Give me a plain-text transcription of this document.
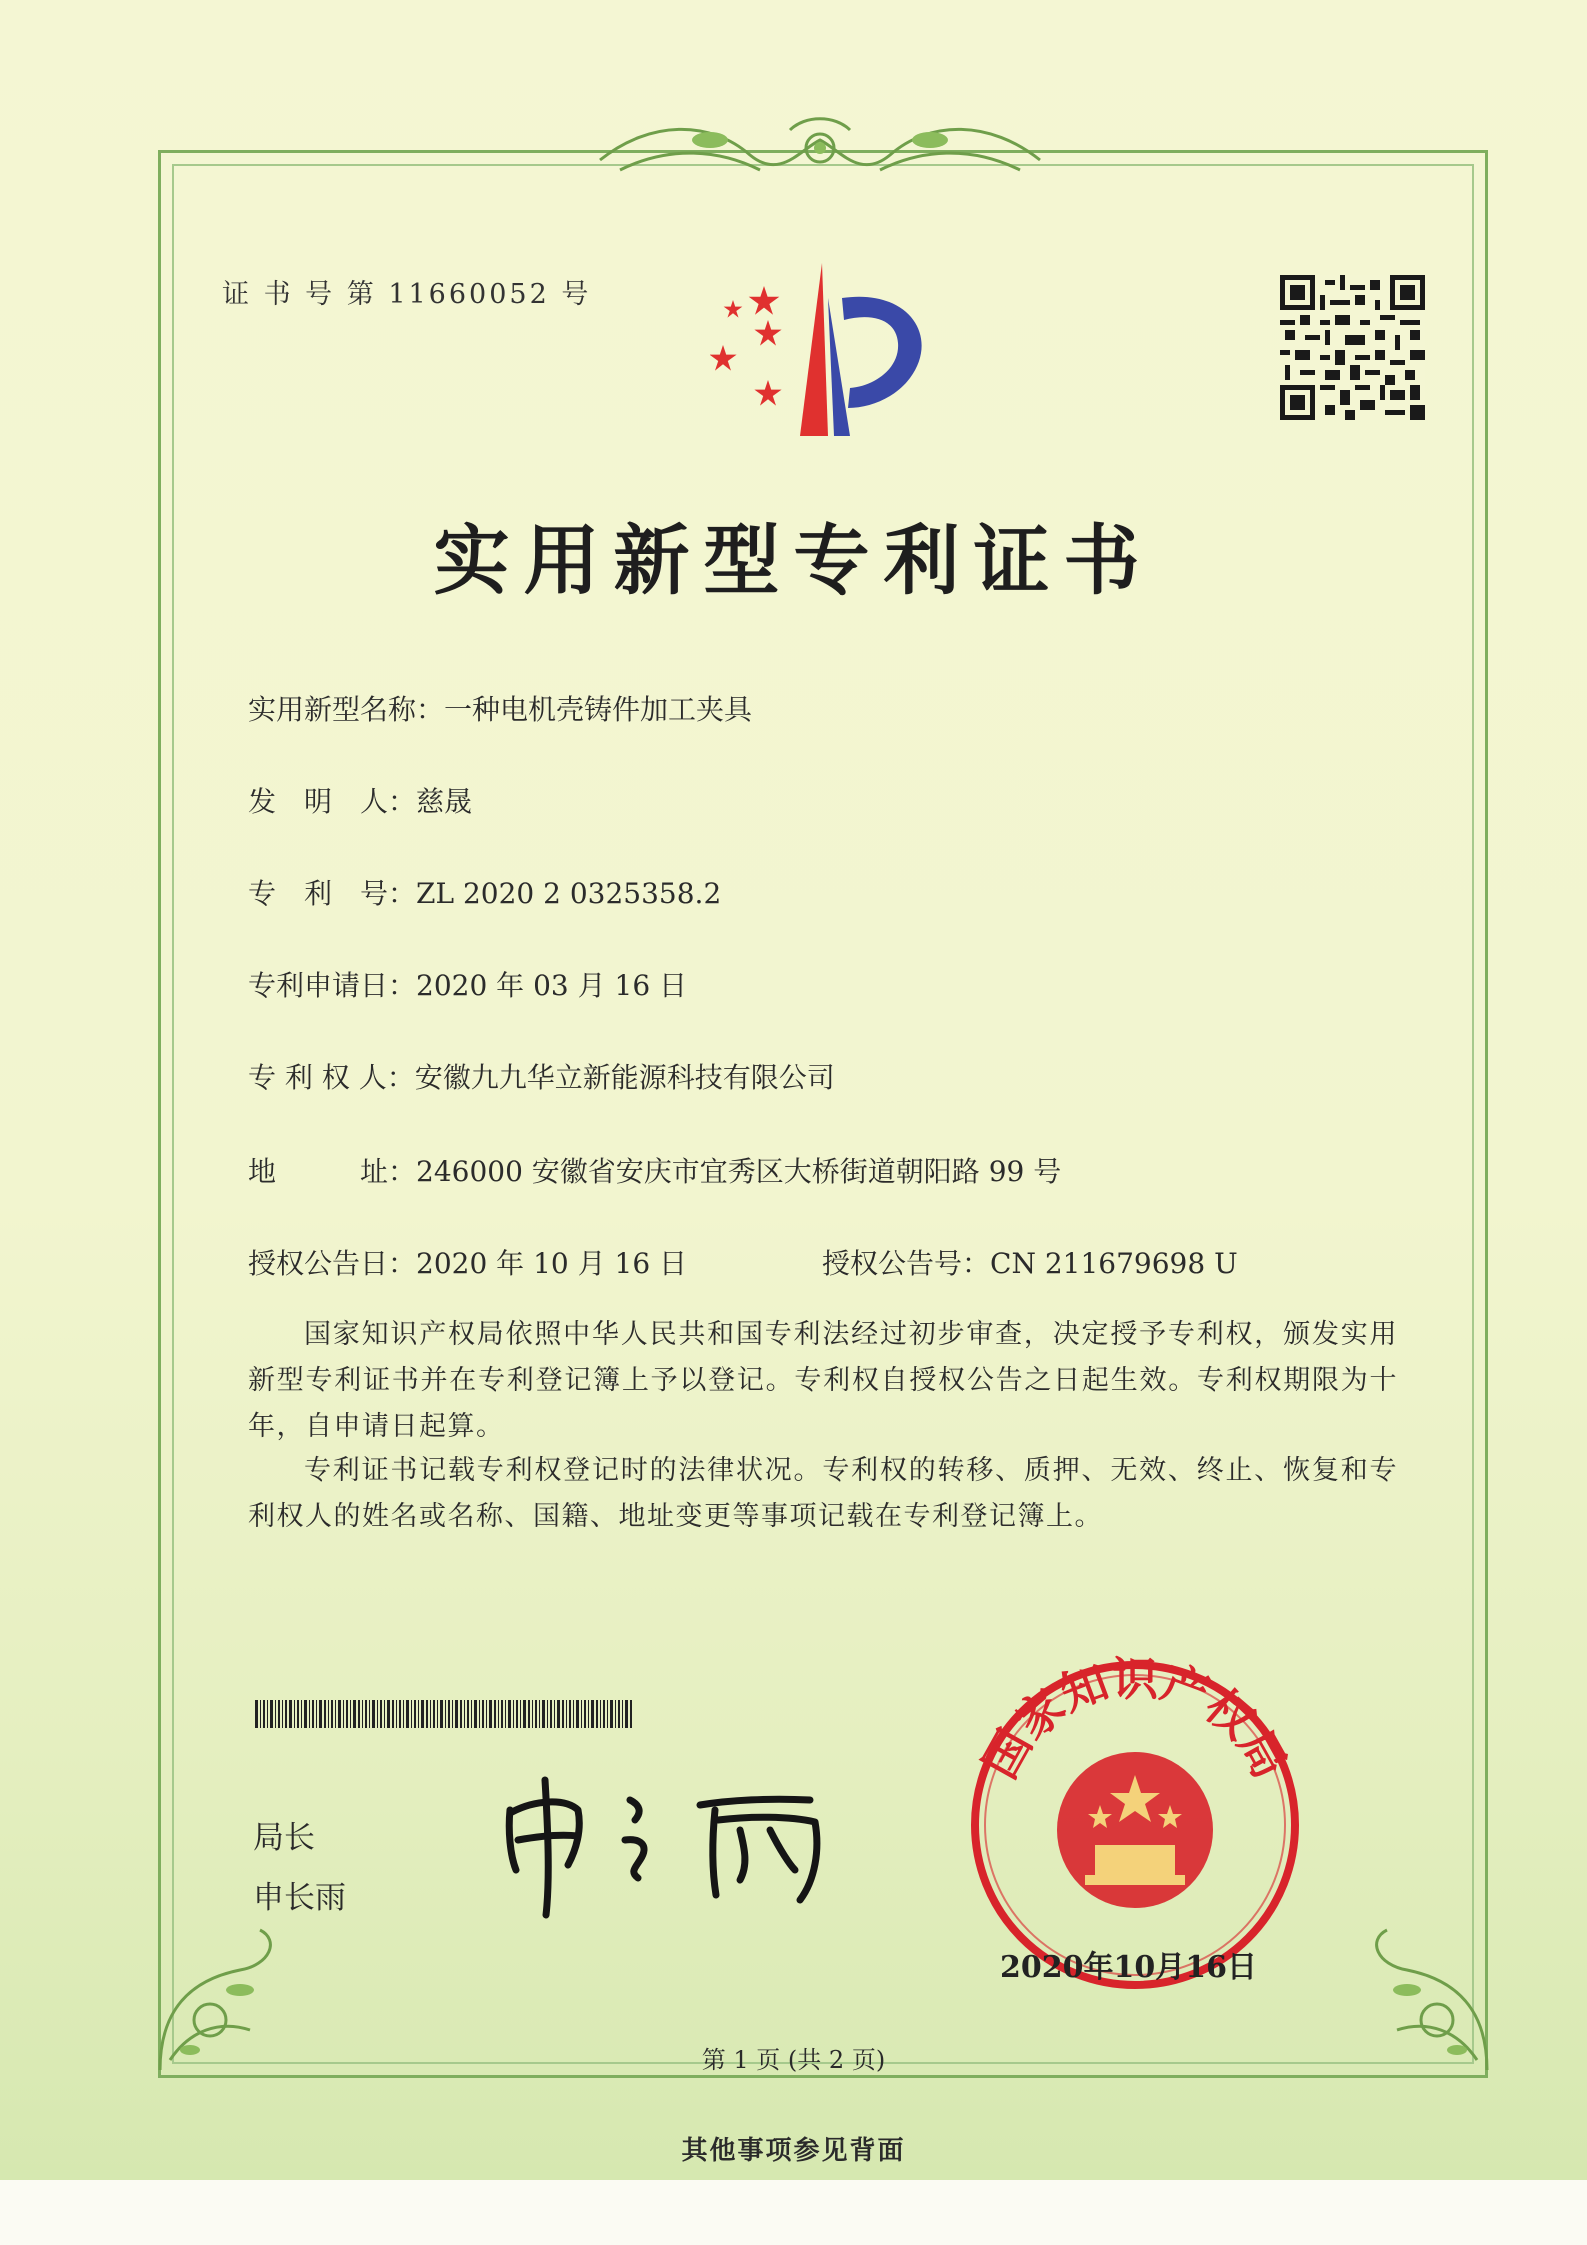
证 书 号 第 11660052 号
实用新型专利证书
实用新型名称：一种电机壳铸件加工夹具
发　明　人：慈晟
专　利　号：ZL 2020 2 0325358.2
专利申请日：2020 年 03 月 16 日
专 利 权 人：安徽九九华立新能源科技有限公司
地　　　址：246000 安徽省安庆市宜秀区大桥街道朝阳路 99 号
授权公告日：2020 年 10 月 16 日	授权公告号：CN 211679698 U
国家知识产权局依照中华人民共和国专利法经过初步审查，决定授予专利权，颁发实用新型专利证书并在专利登记簿上予以登记。专利权自授权公告之日起生效。专利权期限为十年，自申请日起算。
专利证书记载专利权登记时的法律状况。专利权的转移、质押、无效、终止、恢复和专利权人的姓名或名称、国籍、地址变更等事项记载在专利登记簿上。
局长
申长雨
国家知识产权局
2020年10月16日
第 1 页 (共 2 页)
其他事项参见背面
